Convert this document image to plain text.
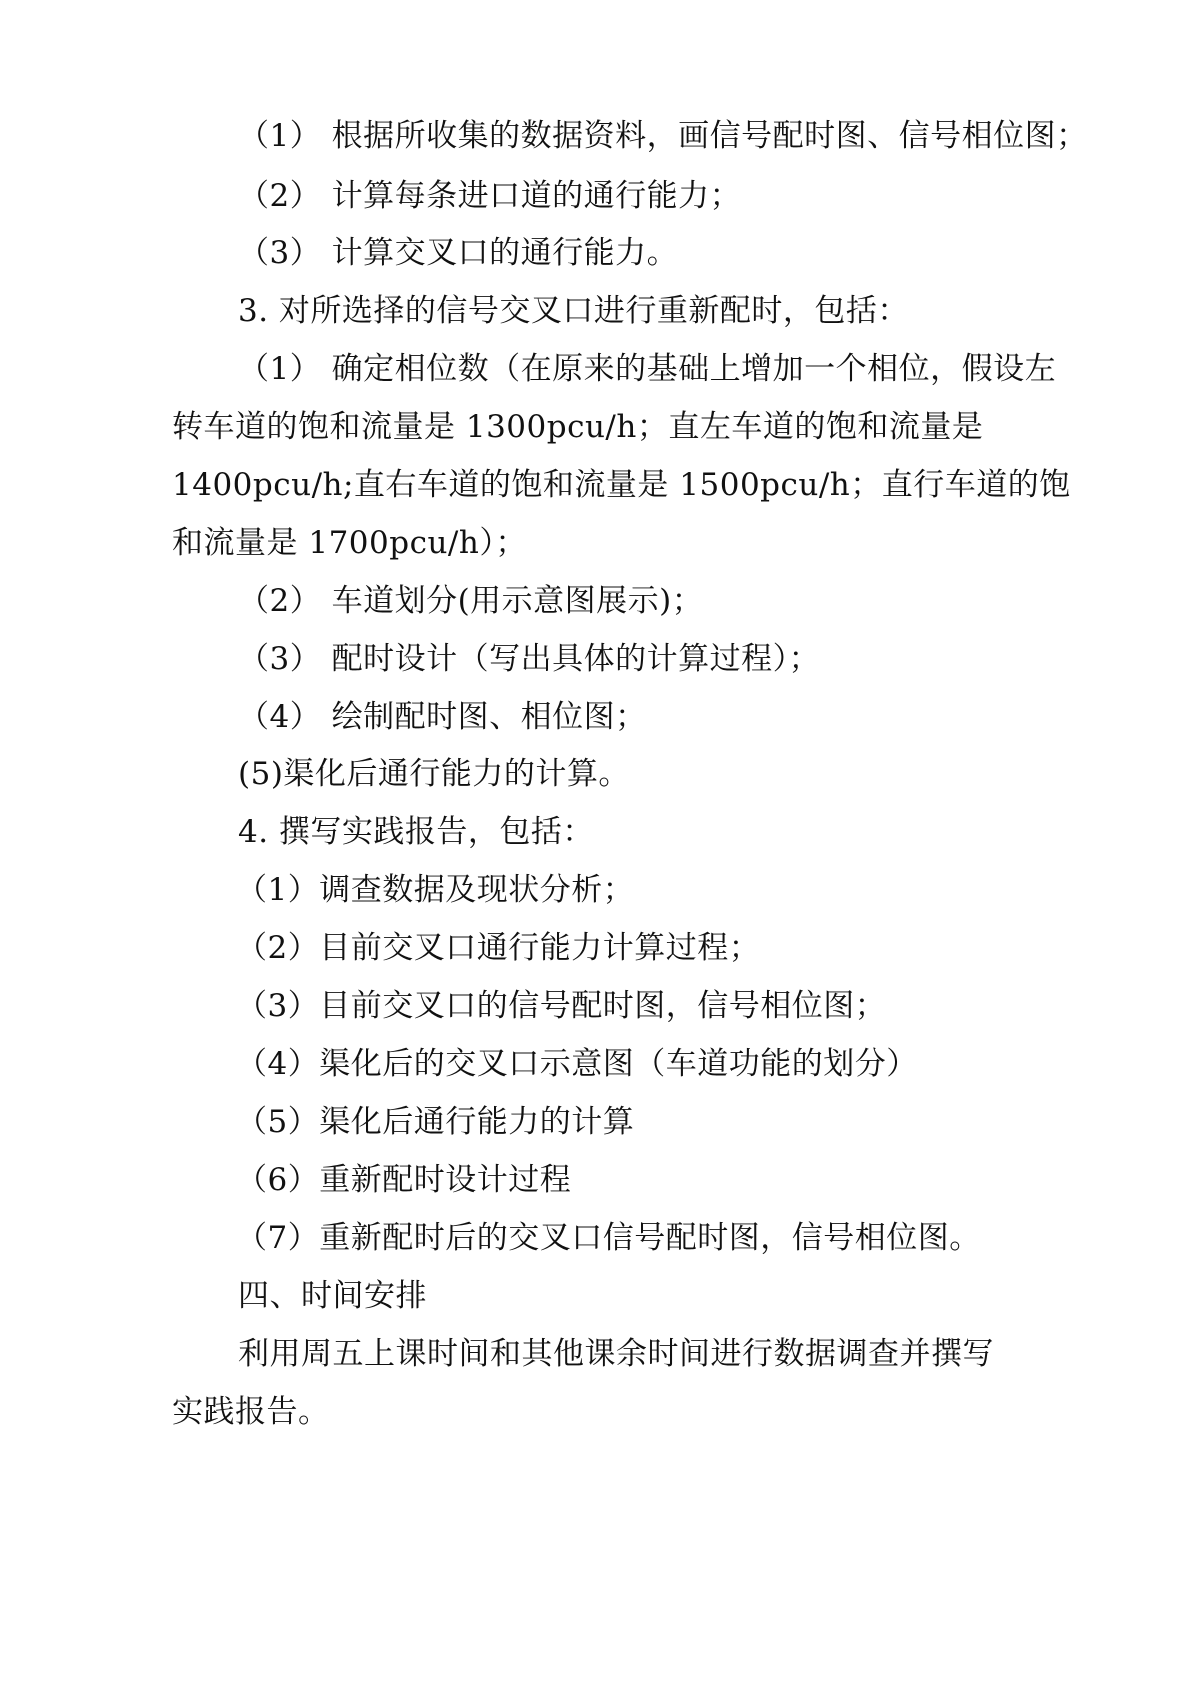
（1） 根据所收集的数据资料，画信号配时图、信号相位图；
（2） 计算每条进口道的通行能力；
（3） 计算交叉口的通行能力。
3. 对所选择的信号交叉口进行重新配时，包括：
（1） 确定相位数（在原来的基础上增加一个相位，假设左
转车道的饱和流量是 1300pcu/h；直左车道的饱和流量是
1400pcu/h;直右车道的饱和流量是 1500pcu/h；直行车道的饱
和流量是 1700pcu/h）；
（2） 车道划分(用示意图展示)；
（3） 配时设计（写出具体的计算过程）；
（4） 绘制配时图、相位图；
(5)渠化后通行能力的计算。
4. 撰写实践报告，包括：
（1）调查数据及现状分析；
（2）目前交叉口通行能力计算过程；
（3）目前交叉口的信号配时图，信号相位图；
（4）渠化后的交叉口示意图（车道功能的划分）
（5）渠化后通行能力的计算
（6）重新配时设计过程
（7）重新配时后的交叉口信号配时图，信号相位图。
四、时间安排
利用周五上课时间和其他课余时间进行数据调查并撰写
实践报告。
